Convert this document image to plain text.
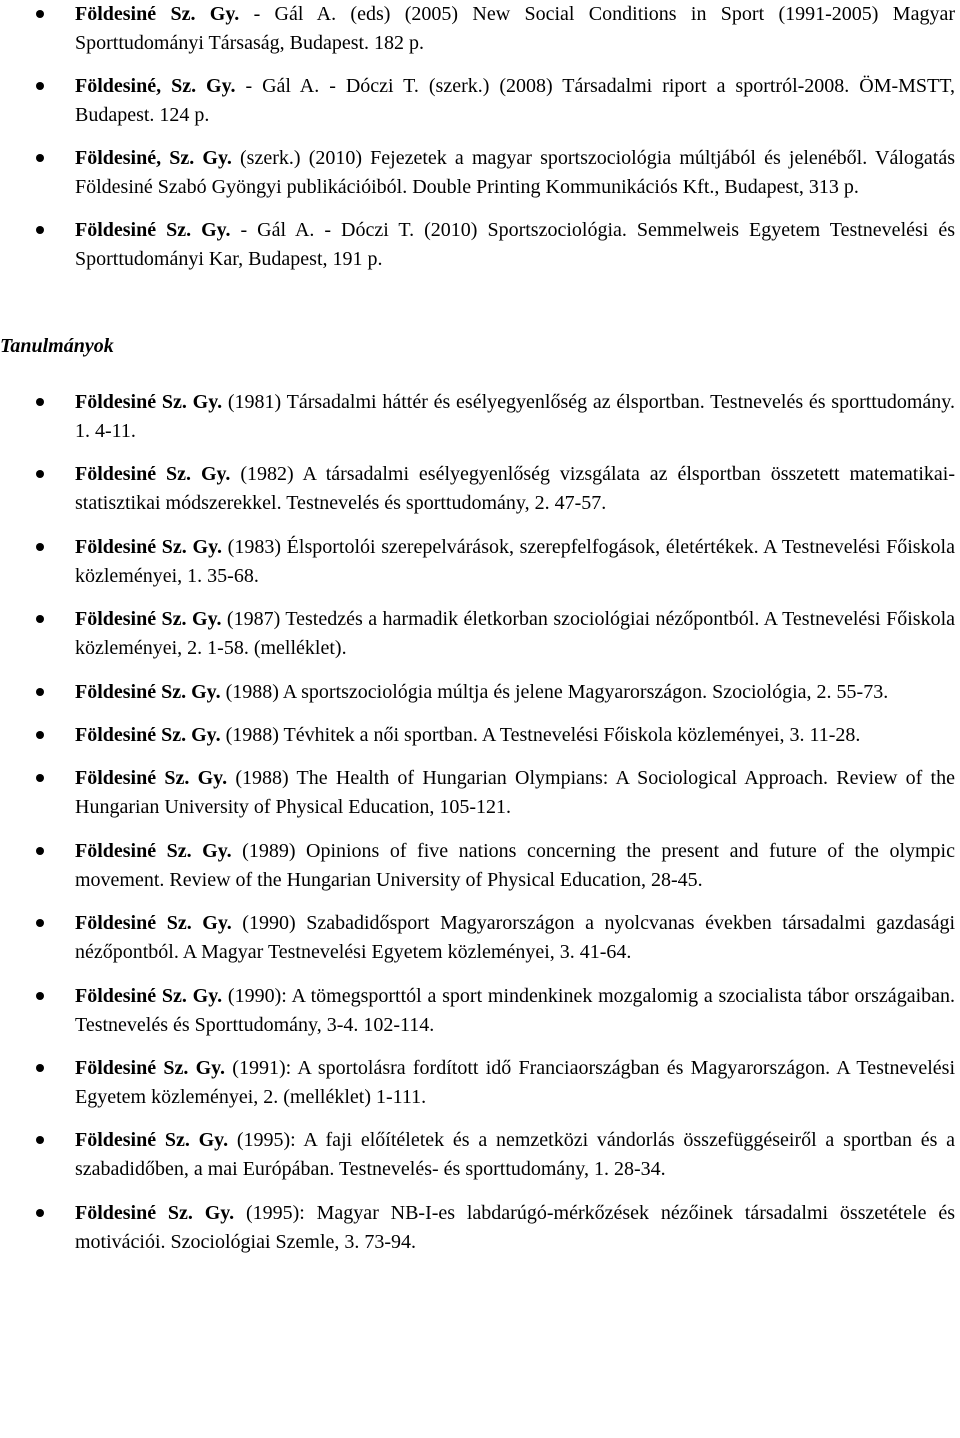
Földesiné Sz. Gy. - Gál A. (eds) (2005) New Social Conditions in Sport (1991-2005) Magyar Sporttudományi Társaság, Budapest. 182 p.
Földesiné, Sz. Gy. - Gál A. - Dóczi T. (szerk.) (2008) Társadalmi riport a sportról-2008. ÖM-MSTT, Budapest. 124 p.
Földesiné, Sz. Gy. (szerk.) (2010) Fejezetek a magyar sportszociológia múltjából és jelenéből. Válogatás Földesiné Szabó Gyöngyi publikációiból. Double Printing Kommunikációs Kft., Budapest, 313 p.
Földesiné Sz. Gy. - Gál A. - Dóczi T. (2010) Sportszociológia. Semmelweis Egyetem Testnevelési és Sporttudományi Kar, Budapest, 191 p.
Tanulmányok
Földesiné Sz. Gy. (1981) Társadalmi háttér és esélyegyenlőség az élsportban. Testnevelés és sporttudomány. 1. 4-11.
Földesiné Sz. Gy. (1982) A társadalmi esélyegyenlőség vizsgálata az élsportban összetett matematikai-statisztikai módszerekkel. Testnevelés és sporttudomány, 2. 47-57.
Földesiné Sz. Gy. (1983) Élsportolói szerepelvárások, szerepfelfogások, életértékek. A Testnevelési Főiskola közleményei, 1. 35-68.
Földesiné Sz. Gy. (1987) Testedzés a harmadik életkorban szociológiai nézőpontból. A Testnevelési Főiskola közleményei, 2. 1-58. (melléklet).
Földesiné Sz. Gy. (1988) A sportszociológia múltja és jelene Magyarországon. Szociológia, 2. 55-73.
Földesiné Sz. Gy. (1988) Tévhitek a női sportban. A Testnevelési Főiskola közleményei, 3. 11-28.
Földesiné Sz. Gy. (1988) The Health of Hungarian Olympians: A Sociological Approach. Review of the Hungarian University of Physical Education, 105-121.
Földesiné Sz. Gy. (1989) Opinions of five nations concerning the present and future of the olympic movement. Review of the Hungarian University of Physical Education, 28-45.
Földesiné Sz. Gy. (1990) Szabadidősport Magyarországon a nyolcvanas években társadalmi gazdasági nézőpontból. A Magyar Testnevelési Egyetem közleményei, 3. 41-64.
Földesiné Sz. Gy. (1990): A tömegsporttól a sport mindenkinek mozgalomig a szocialista tábor országaiban. Testnevelés és Sporttudomány, 3-4. 102-114.
Földesiné Sz. Gy. (1991): A sportolásra fordított idő Franciaországban és Magyarországon. A Testnevelési Egyetem közleményei, 2. (melléklet) 1-111.
Földesiné Sz. Gy. (1995): A faji előítéletek és a nemzetközi vándorlás összefüggéseiről a sportban és a szabadidőben, a mai Európában. Testnevelés- és sporttudomány, 1. 28-34.
Földesiné Sz. Gy. (1995): Magyar NB-I-es labdarúgó-mérkőzések nézőinek társadalmi összetétele és motivációi. Szociológiai Szemle, 3. 73-94.
